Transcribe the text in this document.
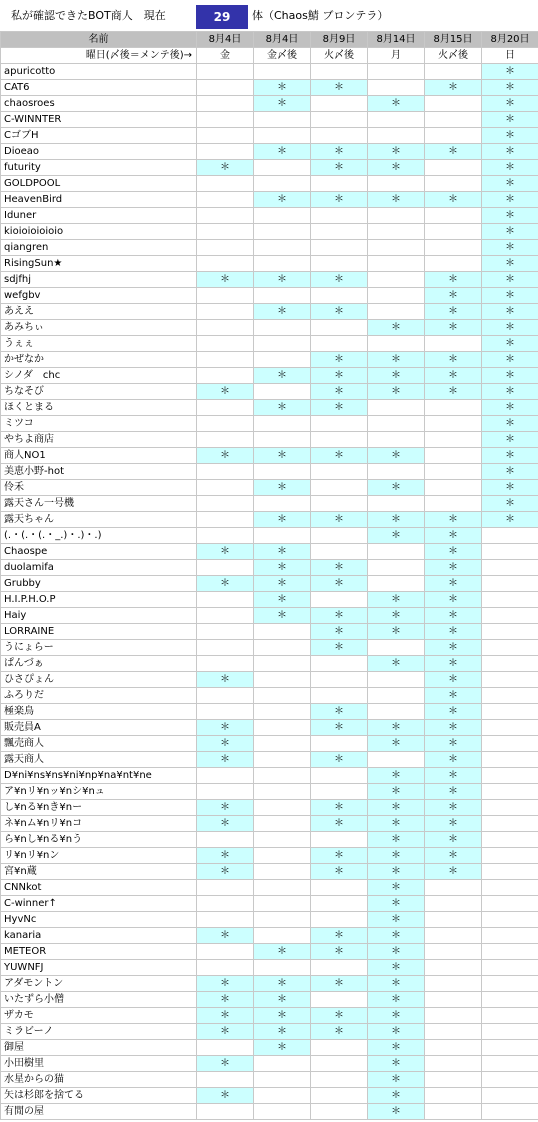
私が確認できたBOT商人　現在	29	体（Chaos鯖 ブロンテラ）
名前	8月4日	8月4日	8月9日	8月14日	8月15日	8月20日
曜日(〆後＝メンテ後)→	金	金〆後	火〆後	月	火〆後	日
apuricotto						＊
CAT6		＊	＊		＊	＊
chaosroes		＊		＊		＊
C-WINNTER						＊
CゴブH						＊
Dioeao		＊	＊	＊	＊	＊
futurity	＊		＊	＊		＊
GOLDPOOL						＊
HeavenBird		＊	＊	＊	＊	＊
Iduner						＊
kioioioioioio						＊
qiangren						＊
RisingSun★						＊
sdjfhj	＊	＊	＊		＊	＊
wefgbv					＊	＊
あええ		＊	＊		＊	＊
あみちぃ				＊	＊	＊
うぇぇ						＊
かぜなか			＊	＊	＊	＊
シノダ　chc		＊	＊	＊	＊	＊
ちなそび	＊		＊	＊	＊	＊
ほくとまる		＊	＊			＊
ミツコ						＊
やちよ商店						＊
商人NO1	＊	＊	＊	＊		＊
美恵小野-hot						＊
伶禾		＊		＊		＊
露天さん一号機						＊
露天ちゃん		＊	＊	＊	＊	＊
(.・(.・(.・_.)・.)・.)				＊	＊	
Chaospe	＊	＊			＊	
duolamifa		＊	＊		＊	
Grubby	＊	＊	＊		＊	
H.I.P.H.O.P		＊		＊	＊	
Haiy		＊	＊	＊	＊	
LORRAINE			＊	＊	＊	
うにょらー			＊		＊	
ぱんづぁ				＊	＊	
ひさぴょん	＊				＊	
ふろりだ					＊	
極楽鳥			＊		＊	
販売員A	＊		＊	＊	＊	
飄売商人	＊			＊	＊	
露天商人	＊		＊		＊	
D¥ni¥ns¥ns¥ni¥np¥na¥nt¥ne				＊	＊	
ア¥nリ¥nッ¥nシ¥nュ				＊	＊	
し¥nる¥nき¥nー	＊		＊	＊	＊	
ネ¥nム¥nリ¥nコ	＊		＊	＊	＊	
ら¥nし¥nる¥nう				＊	＊	
リ¥nリ¥nン	＊		＊	＊	＊	
宮¥n蔵	＊		＊	＊	＊	
CNNkot				＊		
C-winner↑				＊		
HyvNc				＊		
kanaria	＊		＊	＊		
METEOR		＊	＊	＊		
YUWNFJ				＊		
アダモントン	＊	＊	＊	＊		
いたずら小僧	＊	＊		＊		
ザカモ	＊	＊	＊	＊		
ミラビーノ	＊	＊	＊	＊		
御屋		＊		＊		
小田樹里	＊			＊		
水星からの猫				＊		
矢は杉郎を捨てる	＊			＊		
有閒の屋				＊		
